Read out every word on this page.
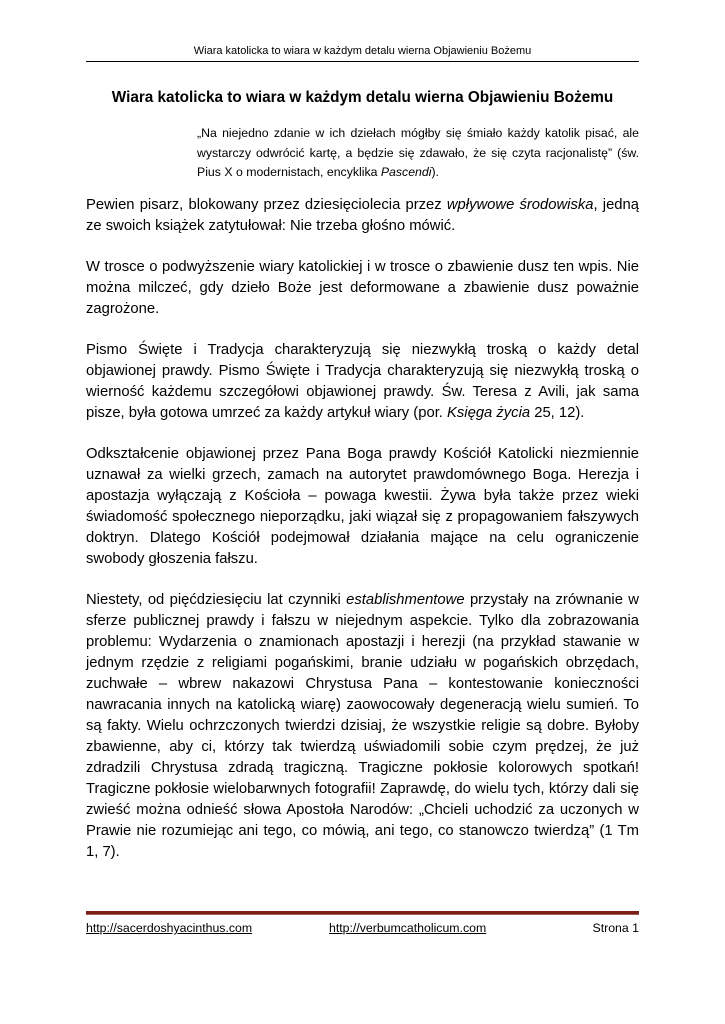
Wiara katolicka to wiara w każdym detalu wierna Objawieniu Bożemu
Wiara katolicka to wiara w każdym detalu wierna Objawieniu Bożemu
„Na niejedno zdanie w ich dziełach mógłby się śmiało każdy katolik pisać, ale wystarczy odwrócić kartę, a będzie się zdawało, że się czyta racjonalistę” (św. Pius X o modernistach, encyklika Pascendi).

Pewien pisarz, blokowany przez dziesięciolecia przez wpływowe środowiska, jedną ze swoich książek zatytułował: Nie trzeba głośno mówić.

W trosce o podwyższenie wiary katolickiej i w trosce o zbawienie dusz ten wpis. Nie można milczeć, gdy dzieło Boże jest deformowane a zbawienie dusz poważnie zagrożone.

Pismo Święte i Tradycja charakteryzują się niezwykłą troską o każdy detal objawionej prawdy. Pismo Święte i Tradycja charakteryzują się niezwykłą troską o wierność każdemu szczegółowi objawionej prawdy. Św. Teresa z Avili, jak sama pisze, była gotowa umrzeć za każdy artykuł wiary (por. Księga życia 25, 12).

Odkształcenie objawionej przez Pana Boga prawdy Kościół Katolicki niezmiennie uznawał za wielki grzech, zamach na autorytet prawdomównego Boga. Herezja i apostazja wyłączają z Kościoła – powaga kwestii. Żywa była także przez wieki świadomość społecznego nieporządku, jaki wiązał się z propagowaniem fałszywych doktryn. Dlatego Kościół podejmował działania mające na celu ograniczenie swobody głoszenia fałszu.

Niestety, od pięćdziesięciu lat czynniki establishmentowe przystały na zrównanie w sferze publicznej prawdy i fałszu w niejednym aspekcie. Tylko dla zobrazowania problemu: Wydarzenia o znamionach apostazji i herezji (na przykład stawanie w jednym rzędzie z religiami pogańskimi, branie udziału w pogańskich obrzędach, zuchwałe – wbrew nakazowi Chrystusa Pana – kontestowanie konieczności nawracania innych na katolicką wiarę) zaowocowały degeneracją wielu sumień. To są fakty. Wielu ochrzczonych twierdzi dzisiaj, że wszystkie religie są dobre. Byłoby zbawienne, aby ci, którzy tak twierdzą uświadomili sobie czym prędzej, że już zdradzili Chrystusa zdradą tragiczną. Tragiczne pokłosie kolorowych spotkań! Tragiczne pokłosie wielobarwnych fotografii! Zaprawdę, do wielu tych, którzy dali się zwieść można odnieść słowa Apostoła Narodów: „Chcieli uchodzić za uczonych w Prawie nie rozumiejąc ani tego, co mówią, ani tego, co stanowczo twierdzą” (1 Tm 1, 7).

http://sacerdoshyacinthus.com	http://verbumcatholicum.com	Strona 1
